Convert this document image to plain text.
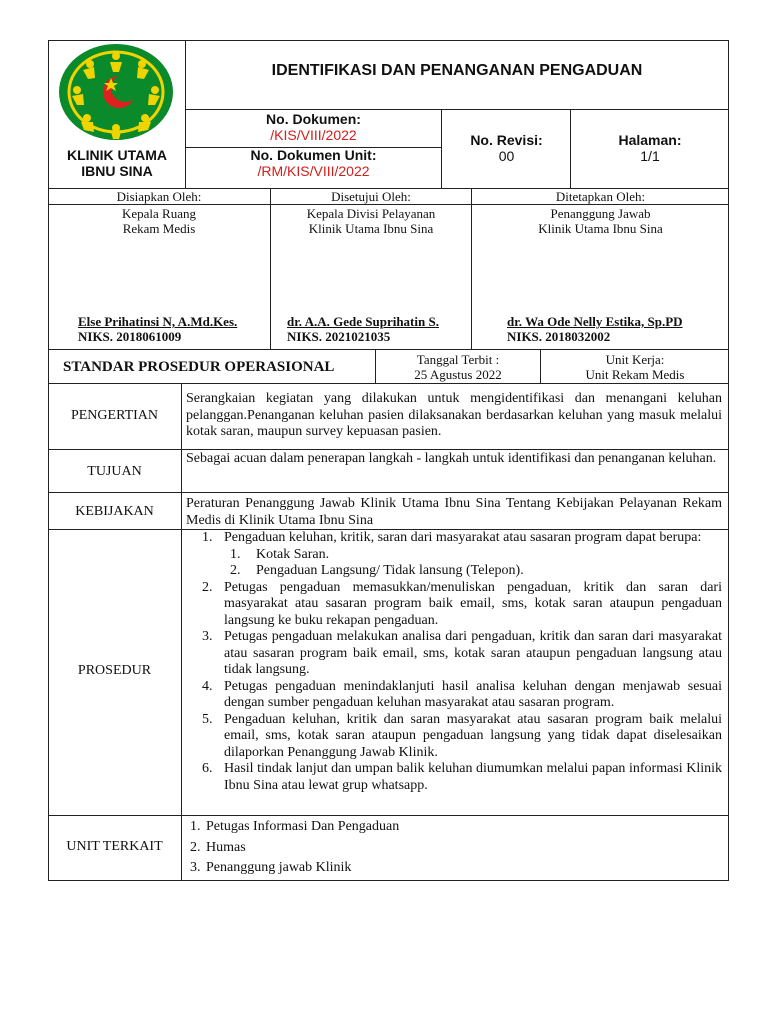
KLINIK UTAMA
IBNU SINA
IDENTIFIKASI DAN PENANGANAN PENGADUAN
No. Dokumen:
/KIS/VIII/2022
No. Dokumen Unit:
/RM/KIS/VIII/2022
No. Revisi:
00
Halaman:
1/1
Disiapkan Oleh:
Kepala Ruang
Rekam Medis
Else Prihatinsi N, A.Md.Kes.
NIKS. 2018061009
Disetujui Oleh:
Kepala Divisi Pelayanan
Klinik Utama Ibnu Sina
dr. A.A. Gede Suprihatin S.
NIKS. 2021021035
Ditetapkan Oleh:
Penanggung Jawab
Klinik Utama Ibnu Sina
dr. Wa Ode Nelly Estika, Sp.PD
NIKS. 2018032002
STANDAR PROSEDUR OPERASIONAL	Tanggal Terbit :
25 Agustus 2022
Unit Kerja:
Unit Rekam Medis
PENGERTIAN
Serangkaian kegiatan yang dilakukan untuk mengidentifikasi dan menangani keluhan pelanggan.Penanganan keluhan pasien dilaksanakan berdasarkan keluhan yang masuk melalui kotak saran, maupun survey kepuasan pasien.
TUJUAN
Sebagai acuan dalam penerapan langkah - langkah untuk identifikasi dan penanganan keluhan.
KEBIJAKAN
Peraturan Penanggung Jawab Klinik Utama Ibnu Sina Tentang Kebijakan Pelayanan Rekam Medis di Klinik Utama Ibnu Sina
PROSEDUR
1. Pengaduan keluhan, kritik, saran dari masyarakat atau sasaran program dapat berupa:
1. Kotak Saran.
2. Pengaduan Langsung/ Tidak lansung (Telepon).
2. Petugas pengaduan memasukkan/menuliskan pengaduan, kritik dan saran dari masyarakat atau sasaran program baik email, sms, kotak saran ataupun pengaduan langsung ke buku rekapan pengaduan.
3. Petugas pengaduan melakukan analisa dari pengaduan, kritik dan saran dari masyarakat atau sasaran program baik email, sms, kotak saran ataupun pengaduan langsung atau tidak langsung.
4. Petugas pengaduan menindaklanjuti hasil analisa keluhan dengan menjawab sesuai dengan sumber pengaduan keluhan masyarakat atau sasaran program.
5. Pengaduan keluhan, kritik dan saran masyarakat atau sasaran program baik melalui email, sms, kotak saran ataupun pengaduan langsung yang tidak dapat diselesaikan dilaporkan Penanggung Jawab Klinik.
6. Hasil tindak lanjut dan umpan balik keluhan diumumkan melalui papan informasi Klinik Ibnu Sina atau lewat grup whatsapp.
UNIT TERKAIT
1. Petugas Informasi Dan Pengaduan
2. Humas
3. Penanggung jawab Klinik
